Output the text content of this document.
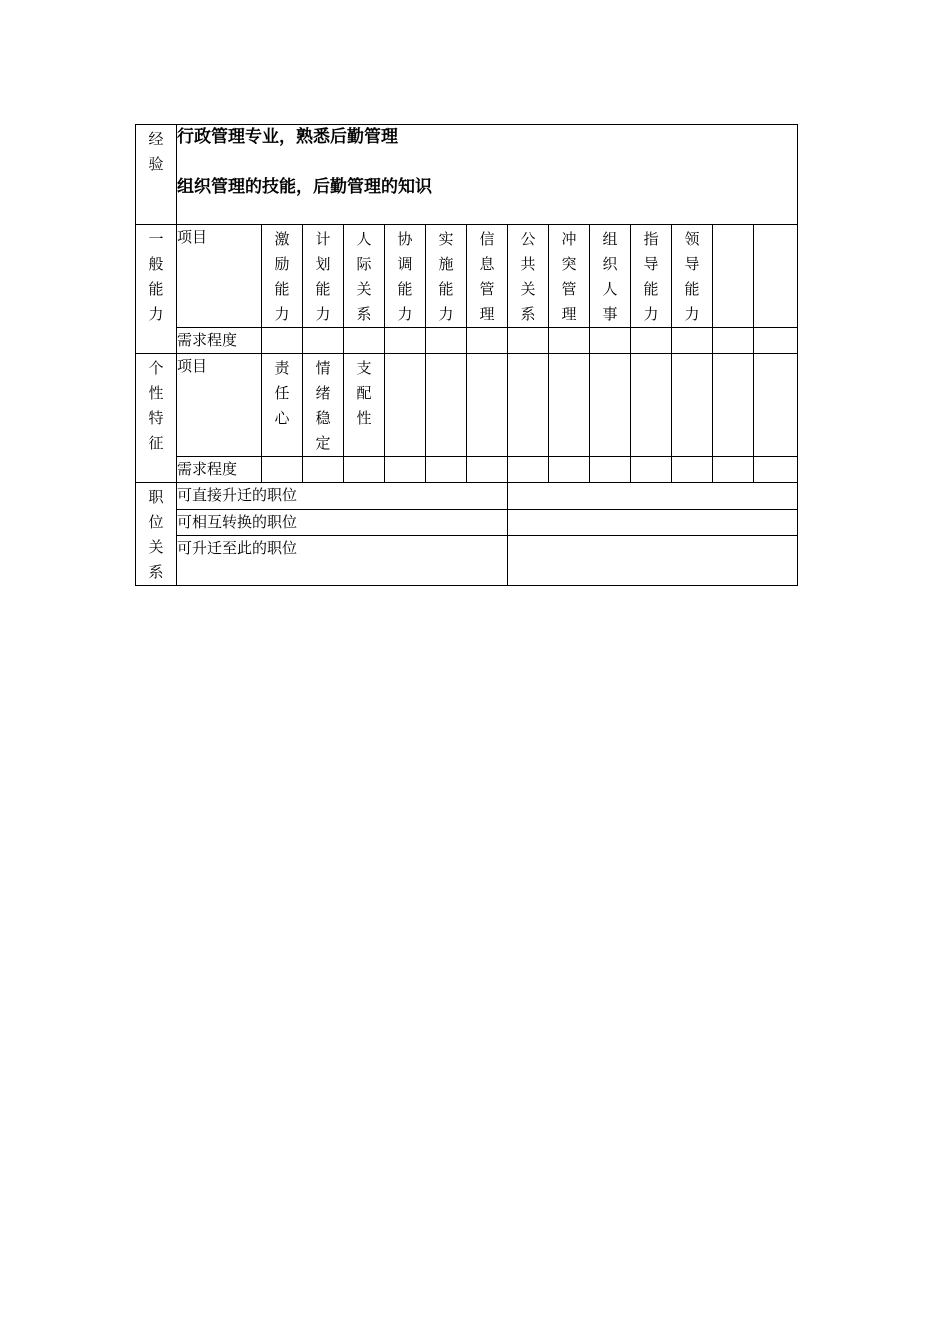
经验	行政管理专业，熟悉后勤管理

组织管理的技能，后勤管理的知识													

一般能力	项目	激励能力	计划能力	人际关系	协调能力	实施能力	信息管理	公共关系	冲突管理	组织人事	指导能力	领导能力		

	需求程度													

个性特征	项目	责任心	情绪稳定	支配性										

	需求程度													

职位关系	可直接升迁的职位													
	可相互转换的职位													
	可升迁至此的职位													
